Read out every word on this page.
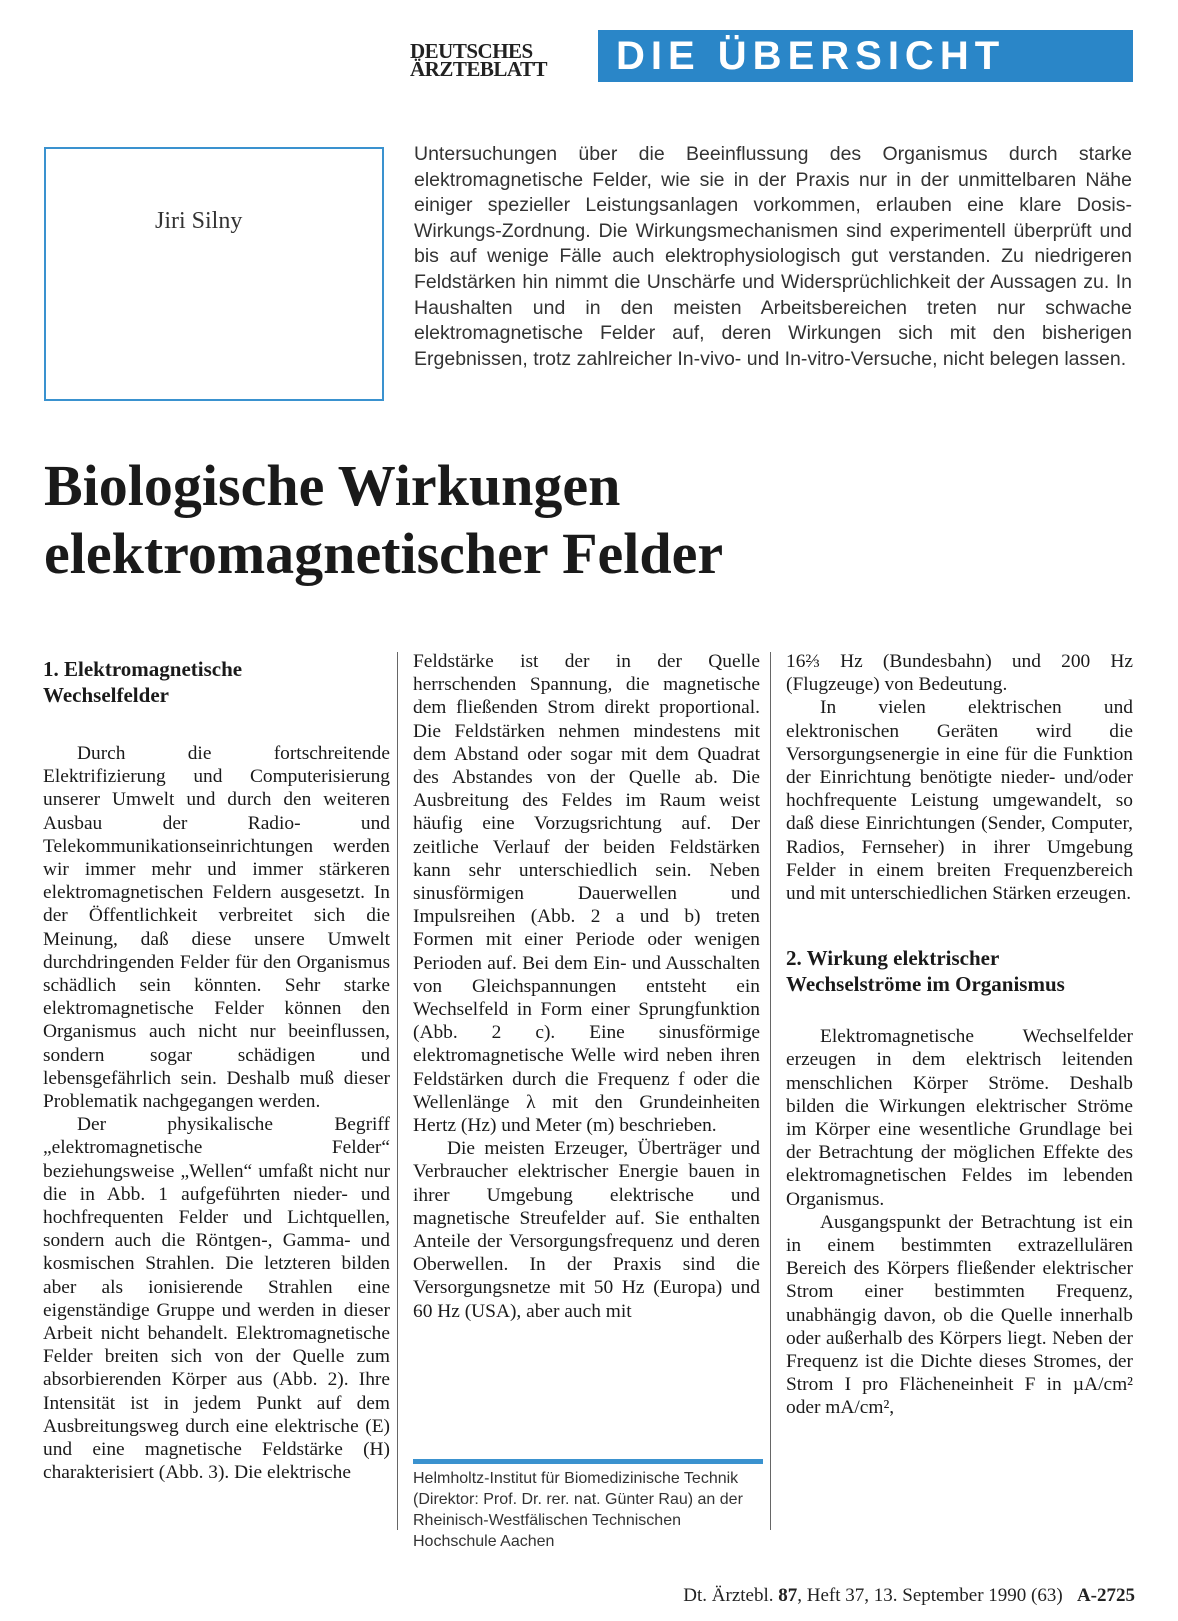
DEUTSCHES
ÄRZTEBLATT	DIE ÜBERSICHT
Jiri Silny
Untersuchungen über die Beeinflussung des Organismus durch starke elektromagnetische Felder, wie sie in der Praxis nur in der unmittelbaren Nähe einiger spezieller Leistungsanlagen vorkommen, erlauben eine klare Dosis-Wirkungs-Zordnung. Die Wirkungsmechanismen sind experimentell überprüft und bis auf wenige Fälle auch elektrophysiologisch gut verstanden. Zu niedrigeren Feldstärken hin nimmt die Unschärfe und Widersprüchlichkeit der Aussagen zu. In Haushalten und in den meisten Arbeitsbereichen treten nur schwache elektromagnetische Felder auf, deren Wirkungen sich mit den bisherigen Ergebnissen, trotz zahlreicher In-vivo- und In-vitro-Versuche, nicht belegen lassen.
Biologische Wirkungen
elektromagnetischer Felder
1. Elektromagnetische Wechselfelder

Durch die fortschreitende Elektrifizierung und Computerisierung unserer Umwelt und durch den weiteren Ausbau der Radio- und Telekommunikationseinrichtungen werden wir immer mehr und immer stärkeren elektromagnetischen Feldern ausgesetzt. In der Öffentlichkeit verbreitet sich die Meinung, daß diese unsere Umwelt durchdringenden Felder für den Organismus schädlich sein könnten. Sehr starke elektromagnetische Felder können den Organismus auch nicht nur beeinflussen, sondern sogar schädigen und lebensgefährlich sein. Deshalb muß dieser Problematik nachgegangen werden.

Der physikalische Begriff „elektromagnetische Felder“ beziehungsweise „Wellen“ umfaßt nicht nur die in Abb. 1 aufgeführten nieder- und hochfrequenten Felder und Lichtquellen, sondern auch die Röntgen-, Gamma- und kosmischen Strahlen. Die letzteren bilden aber als ionisierende Strahlen eine eigenständige Gruppe und werden in dieser Arbeit nicht behandelt. Elektromagnetische Felder breiten sich von der Quelle zum absorbierenden Körper aus (Abb. 2). Ihre Intensität ist in jedem Punkt auf dem Ausbreitungsweg durch eine elektrische (E) und eine magnetische Feldstärke (H) charakterisiert (Abb. 3). Die elektrische

Feldstärke ist der in der Quelle herrschenden Spannung, die magnetische dem fließenden Strom direkt proportional. Die Feldstärken nehmen mindestens mit dem Abstand oder sogar mit dem Quadrat des Abstandes von der Quelle ab. Die Ausbreitung des Feldes im Raum weist häufig eine Vorzugsrichtung auf. Der zeitliche Verlauf der beiden Feldstärken kann sehr unterschiedlich sein. Neben sinusförmigen Dauerwellen und Impulsreihen (Abb. 2 a und b) treten Formen mit einer Periode oder wenigen Perioden auf. Bei dem Ein- und Ausschalten von Gleichspannungen entsteht ein Wechselfeld in Form einer Sprungfunktion (Abb. 2 c). Eine sinusförmige elektromagnetische Welle wird neben ihren Feldstärken durch die Frequenz f oder die Wellenlänge λ mit den Grundeinheiten Hertz (Hz) und Meter (m) beschrieben.

Die meisten Erzeuger, Überträger und Verbraucher elektrischer Energie bauen in ihrer Umgebung elektrische und magnetische Streufelder auf. Sie enthalten Anteile der Versorgungsfrequenz und deren Oberwellen. In der Praxis sind die Versorgungsnetze mit 50 Hz (Europa) und 60 Hz (USA), aber auch mit

Helmholtz-Institut für Biomedizinische Technik (Direktor: Prof. Dr. rer. nat. Günter Rau) an der Rheinisch-Westfälischen Technischen Hochschule Aachen

16⅔ Hz (Bundesbahn) und 200 Hz (Flugzeuge) von Bedeutung.

In vielen elektrischen und elektronischen Geräten wird die Versorgungsenergie in eine für die Funktion der Einrichtung benötigte nieder- und/oder hochfrequente Leistung umgewandelt, so daß diese Einrichtungen (Sender, Computer, Radios, Fernseher) in ihrer Umgebung Felder in einem breiten Frequenzbereich und mit unterschiedlichen Stärken erzeugen.

2. Wirkung elektrischer Wechselströme im Organismus

Elektromagnetische Wechselfelder erzeugen in dem elektrisch leitenden menschlichen Körper Ströme. Deshalb bilden die Wirkungen elektrischer Ströme im Körper eine wesentliche Grundlage bei der Betrachtung der möglichen Effekte des elektromagnetischen Feldes im lebenden Organismus.

Ausgangspunkt der Betrachtung ist ein in einem bestimmten extrazellulären Bereich des Körpers fließender elektrischer Strom einer bestimmten Frequenz, unabhängig davon, ob die Quelle innerhalb oder außerhalb des Körpers liegt. Neben der Frequenz ist die Dichte dieses Stromes, der Strom I pro Flächeneinheit F in µA/cm² oder mA/cm²,

Dt. Ärztebl. 87, Heft 37, 13. September 1990 (63) A-2725
